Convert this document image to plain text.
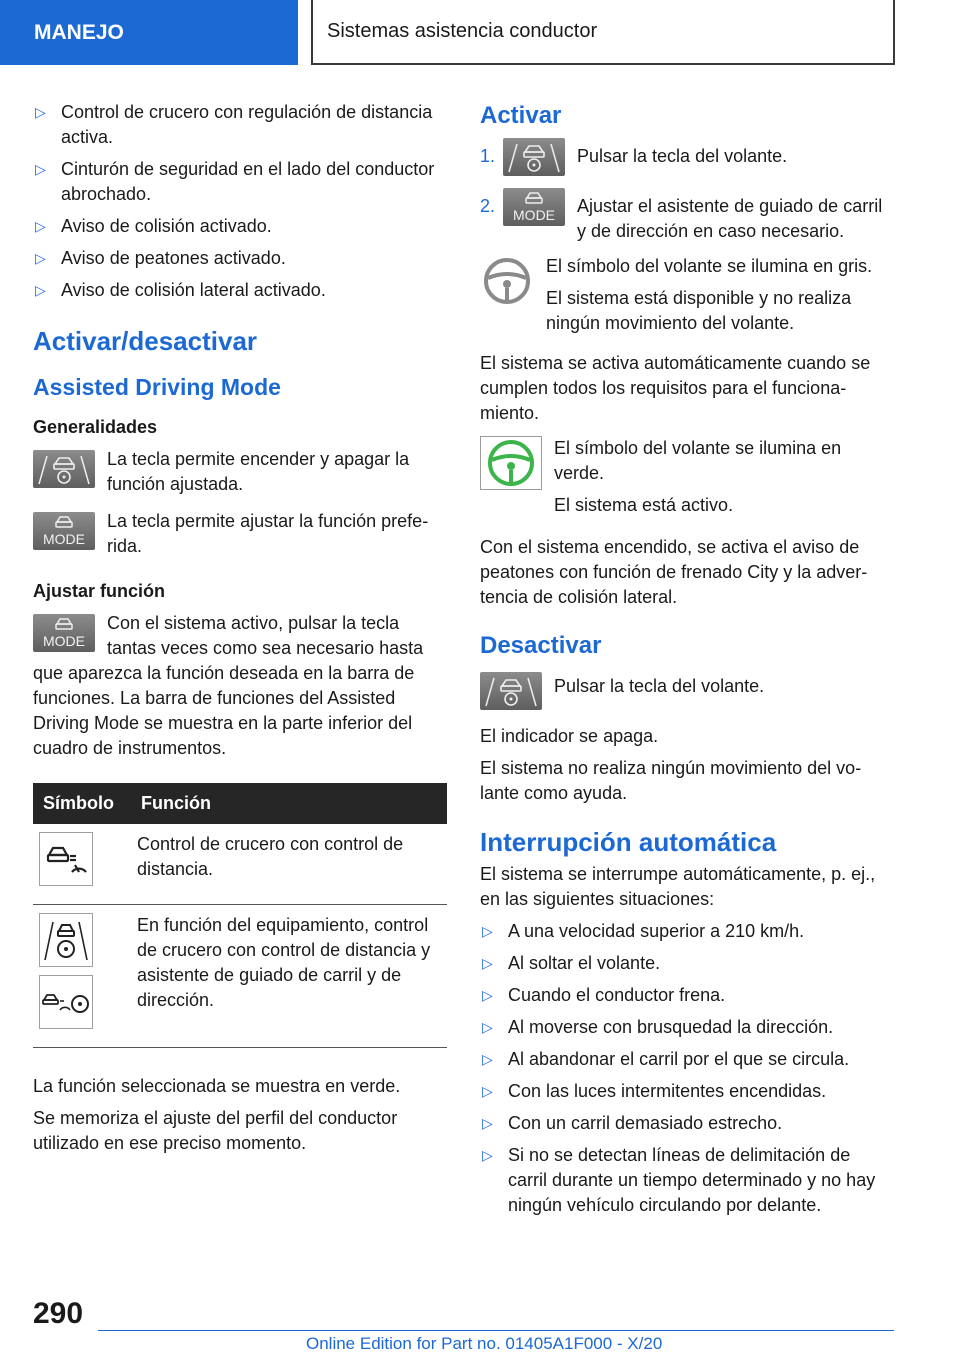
MANEJO	Sistemas asistencia conductor
▷ Control de crucero con regulación de distancia activa.
▷ Cinturón de seguridad en el lado del conductor abrochado.
▷ Aviso de colisión activado.
▷ Aviso de peatones activado.
▷ Aviso de colisión lateral activado.
Activar/desactivar
Assisted Driving Mode
Generalidades
La tecla permite encender y apagar la función ajustada.
MODE
La tecla permite ajustar la función preferida.
Ajustar función
MODE
Con el sistema activo, pulsar la tecla tantas veces como sea necesario hasta que aparezca la función deseada en la barra de funciones. La barra de funciones del Assisted Driving Mode se muestra en la parte inferior del cuadro de instrumentos.
Símbolo	Función

	Control de crucero con control de distancia.

	En función del equipamiento, control de crucero con control de distancia y asistente de guiado de carril y de dirección.

La función seleccionada se muestra en verde.

Se memoriza el ajuste del perfil del conductor utilizado en ese preciso momento.

Activar
1.	Pulsar la tecla del volante.
2. MODE Ajustar el asistente de guiado de carril y de dirección en caso necesario.

El símbolo del volante se ilumina en gris.

El sistema está disponible y no realiza ningún movimiento del volante.

El sistema se activa automáticamente cuando se cumplen todos los requisitos para el funcionamiento.

El símbolo del volante se ilumina en verde.

El sistema está activo.

Con el sistema encendido, se activa el aviso de peatones con función de frenado City y la advertencia de colisión lateral.

Desactivar
Pulsar la tecla del volante.

El indicador se apaga.

El sistema no realiza ningún movimiento del volante como ayuda.

Interrupción automática

El sistema se interrumpe automáticamente, p. ej., en las siguientes situaciones:

▷ A una velocidad superior a 210 km/h.
▷ Al soltar el volante.
▷ Cuando el conductor frena.
▷ Al moverse con brusquedad la dirección.
▷ Al abandonar el carril por el que se circula.
▷ Con las luces intermitentes encendidas.
▷ Con un carril demasiado estrecho.
▷ Si no se detectan líneas de delimitación de carril durante un tiempo determinado y no hay ningún vehículo circulando por delante.
290
Online Edition for Part no. 01405A1F000 - X/20
